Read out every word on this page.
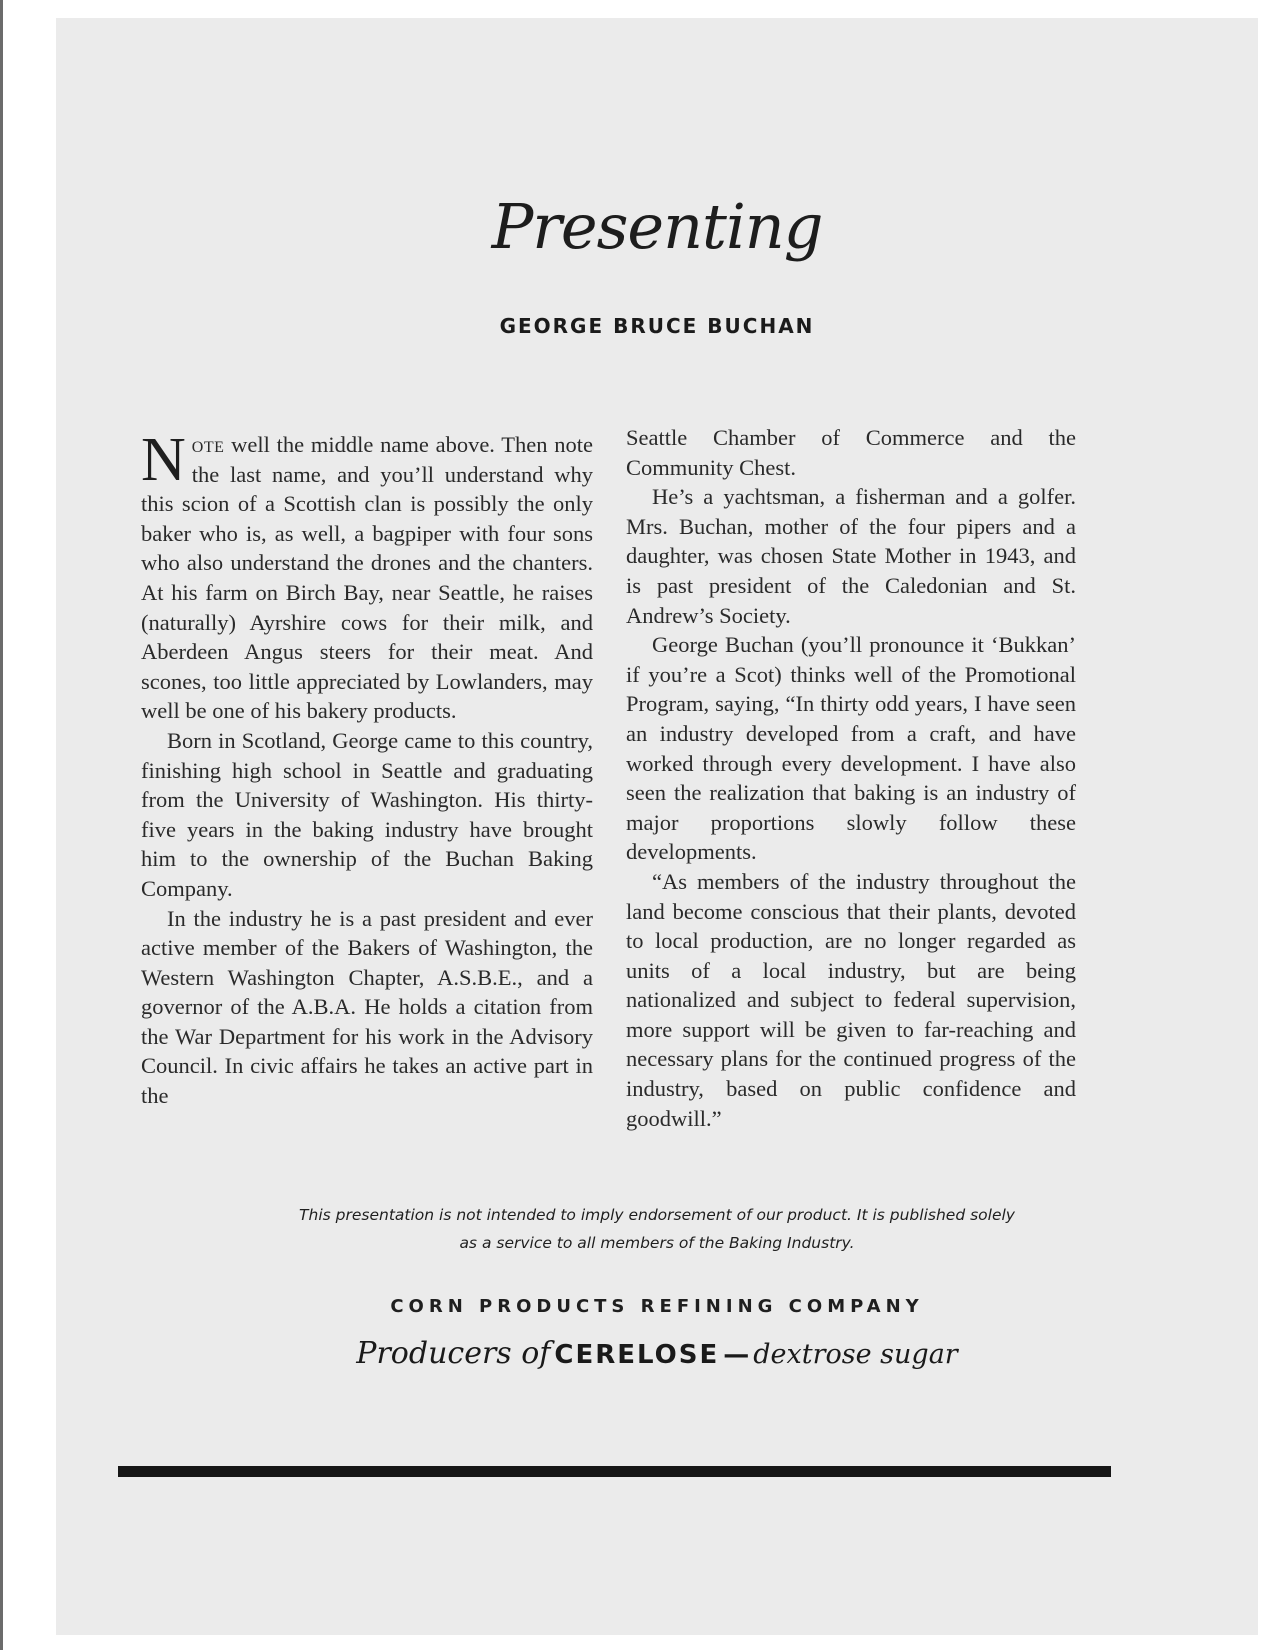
Presenting
GEORGE BRUCE BUCHAN

Note well the middle name above. Then note the last name, and you’ll understand why this scion of a Scottish clan is possibly the only baker who is, as well, a bagpiper with four sons who also understand the drones and the chanters. At his farm on Birch Bay, near Seattle, he raises (naturally) Ayrshire cows for their milk, and Aberdeen Angus steers for their meat. And scones, too little appreciated by Lowlanders, may well be one of his bakery products.

Born in Scotland, George came to this country, finishing high school in Seattle and graduating from the University of Washington. His thirty-five years in the baking industry have brought him to the ownership of the Buchan Baking Company.

In the industry he is a past president and ever active member of the Bakers of Washington, the Western Washington Chapter, A.S.B.E., and a governor of the A.B.A. He holds a citation from the War Department for his work in the Advisory Council. In civic affairs he takes an active part in the

Seattle Chamber of Commerce and the Community Chest.

He’s a yachtsman, a fisherman and a golfer. Mrs. Buchan, mother of the four pipers and a daughter, was chosen State Mother in 1943, and is past president of the Caledonian and St. Andrew’s Society.

George Buchan (you’ll pronounce it ‘Bukkan’ if you’re a Scot) thinks well of the Promotional Program, saying, “In thirty odd years, I have seen an industry developed from a craft, and have worked through every development. I have also seen the realization that baking is an industry of major proportions slowly follow these developments.

“As members of the industry throughout the land become conscious that their plants, devoted to local production, are no longer regarded as units of a local industry, but are being nationalized and subject to federal supervision, more support will be given to far-reaching and necessary plans for the continued progress of the industry, based on public confidence and goodwill.”

This presentation is not intended to imply endorsement of our product. It is published solely
as a service to all members of the Baking Industry.
CORN PRODUCTS REFINING COMPANY
Producers of CERELOSE — dextrose sugar
